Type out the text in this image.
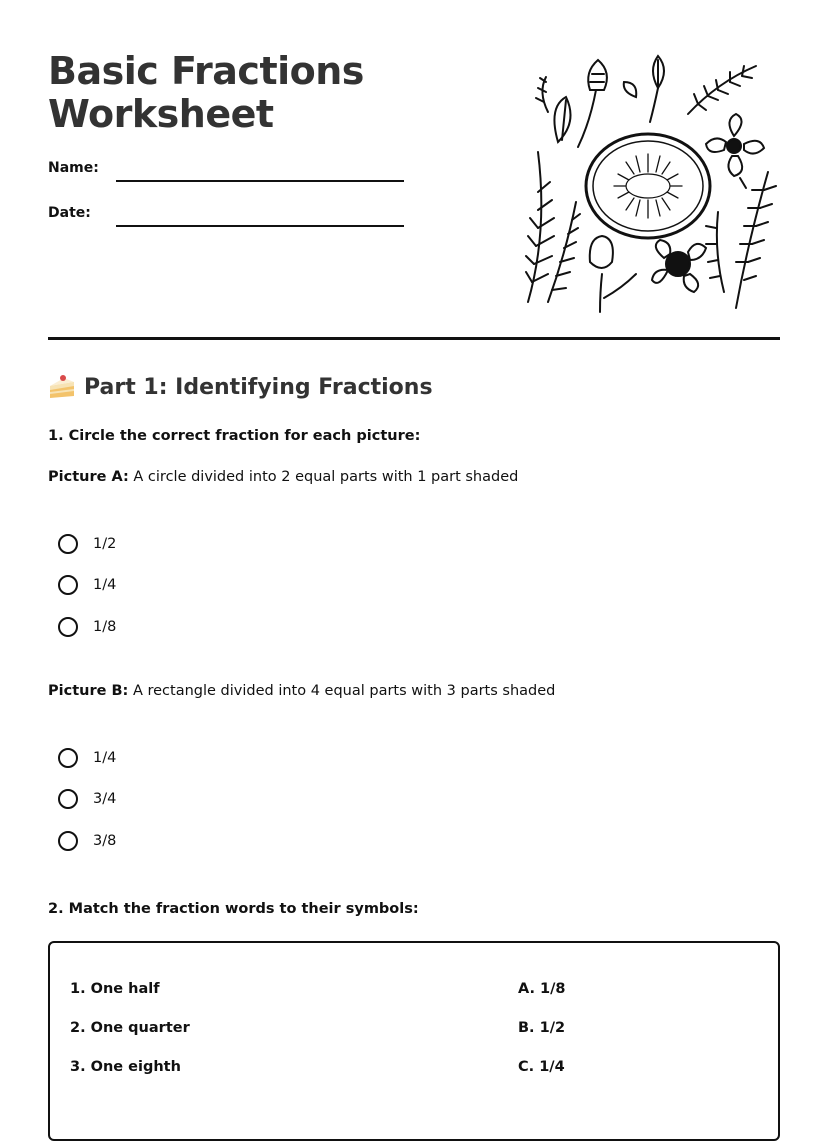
Basic Fractions
Worksheet
Name:
Date:
Part 1: Identifying Fractions
1. Circle the correct fraction for each picture:
Picture A: A circle divided into 2 equal parts with 1 part shaded
1/2
1/4
1/8
Picture B: A rectangle divided into 4 equal parts with 3 parts shaded
1/4
3/4
3/8
2. Match the fraction words to their symbols:
1. One half
2. One quarter
3. One eighth
A. 1/8
B. 1/2
C. 1/4
